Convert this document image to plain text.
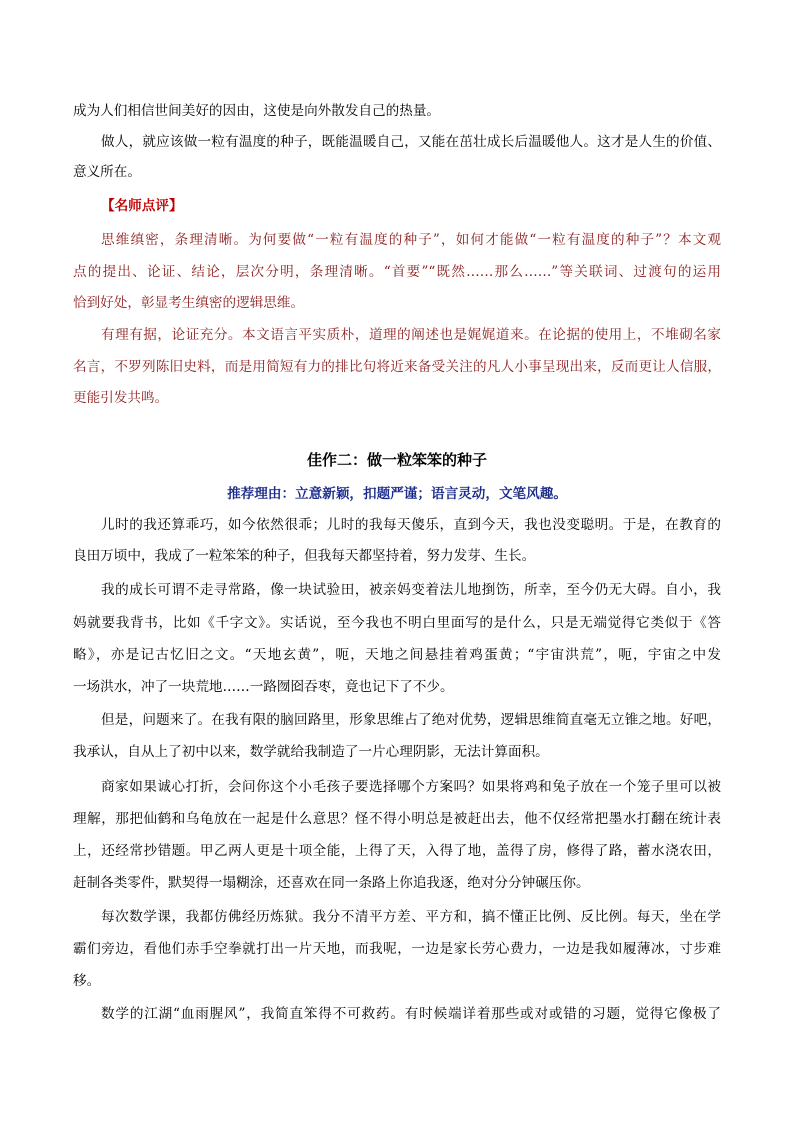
成为人们相信世间美好的因由，这使是向外散发自己的热量。
做人，就应该做一粒有温度的种子，既能温暖自己，又能在茁壮成长后温暖他人。这才是人生的价值、
意义所在。
【名师点评】
思维缜密，条理清晰。为何要做“一粒有温度的种子”，如何才能做“一粒有温度的种子”？本文观
点的提出、论证、结论，层次分明，条理清晰。“首要”“既然……那么……”等关联词、过渡句的运用
恰到好处，彰显考生缜密的逻辑思维。
有理有据，论证充分。本文语言平实质朴，道理的阐述也是娓娓道来。在论据的使用上，不堆砌名家
名言，不罗列陈旧史料，而是用简短有力的排比句将近来备受关注的凡人小事呈现出来，反而更让人信服，
更能引发共鸣。
佳作二：做一粒笨笨的种子
推荐理由：立意新颖，扣题严谨；语言灵动，文笔风趣。
儿时的我还算乖巧，如今依然很乖；儿时的我每天傻乐，直到今天，我也没变聪明。于是，在教育的
良田万顷中，我成了一粒笨笨的种子，但我每天都坚持着，努力发芽、生长。
我的成长可谓不走寻常路，像一块试验田，被亲妈变着法儿地捯饬，所幸，至今仍无大碍。自小，我
妈就要我背书，比如《千字文》。实话说，至今我也不明白里面写的是什么，只是无端觉得它类似于《答
略》，亦是记古忆旧之文。“天地玄黄”，呃，天地之间悬挂着鸡蛋黄；“宇宙洪荒”，呃，宇宙之中发
一场洪水，冲了一块荒地……一路囫囵吞枣，竟也记下了不少。
但是，问题来了。在我有限的脑回路里，形象思维占了绝对优势，逻辑思维简直毫无立锥之地。好吧，
我承认，自从上了初中以来，数学就给我制造了一片心理阴影，无法计算面积。
商家如果诚心打折，会问你这个小毛孩子要选择哪个方案吗？如果将鸡和兔子放在一个笼子里可以被
理解，那把仙鹤和乌龟放在一起是什么意思？怪不得小明总是被赶出去，他不仅经常把墨水打翻在统计表
上，还经常抄错题。甲乙两人更是十项全能，上得了天，入得了地，盖得了房，修得了路，蓄水浇农田，
赶制各类零件，默契得一塌糊涂，还喜欢在同一条路上你追我逐，绝对分分钟碾压你。
每次数学课，我都仿佛经历炼狱。我分不清平方差、平方和，搞不懂正比例、反比例。每天，坐在学
霸们旁边，看他们赤手空拳就打出一片天地，而我呢，一边是家长劳心费力，一边是我如履薄冰，寸步难
移。
数学的江湖“血雨腥风”，我简直笨得不可救药。有时候端详着那些或对或错的习题，觉得它像极了
